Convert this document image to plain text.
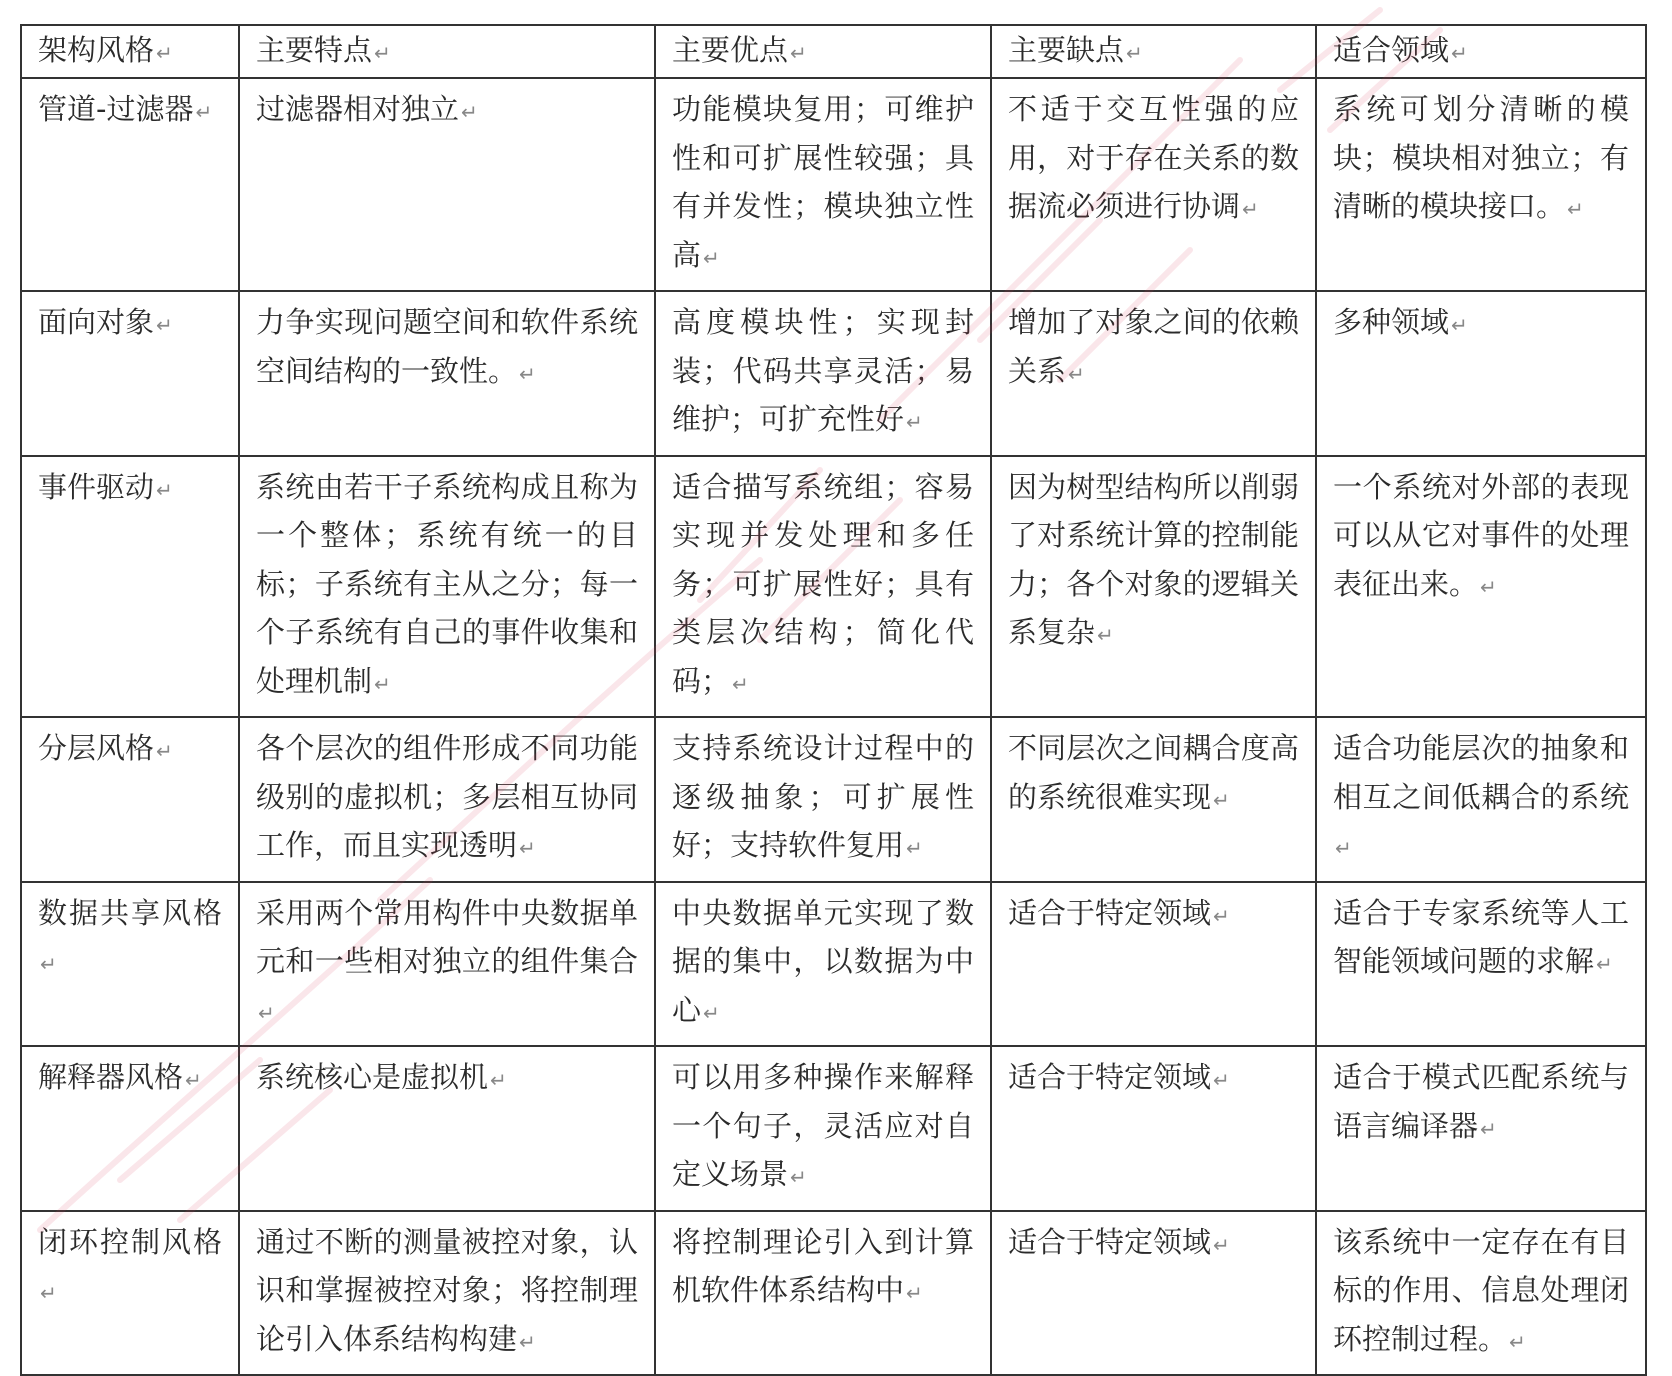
架构风格 ↵	主要特点 ↵	主要优点 ↵	主要缺点 ↵	适合领域 ↵
管道-过滤器 ↵	过滤器相对独立 ↵	功能模块复用；可维护性和可扩展性较强；具有并发性；模块独立性高 ↵	不适于交互性强的应用，对于存在关系的数据流必须进行协调 ↵	系统可划分清晰的模块；模块相对独立；有清晰的模块接口。 ↵
面向对象 ↵	力争实现问题空间和软件系统空间结构的一致性。 ↵	高度模块性；实现封装；代码共享灵活；易维护；可扩充性好 ↵	增加了对象之间的依赖关系 ↵	多种领域 ↵
事件驱动 ↵	系统由若干子系统构成且称为一个整体；系统有统一的目标；子系统有主从之分；每一个子系统有自己的事件收集和处理机制 ↵	适合描写系统组；容易实现并发处理和多任务；可扩展性好；具有类层次结构；简化代码； ↵	因为树型结构所以削弱了对系统计算的控制能力；各个对象的逻辑关系复杂 ↵	一个系统对外部的表现可以从它对事件的处理表征出来。 ↵
分层风格 ↵	各个层次的组件形成不同功能级别的虚拟机；多层相互协同工作，而且实现透明 ↵	支持系统设计过程中的逐级抽象；可扩展性好；支持软件复用 ↵	不同层次之间耦合度高的系统很难实现 ↵	适合功能层次的抽象和相互之间低耦合的系统↵
数据共享风格↵	采用两个常用构件中央数据单元和一些相对独立的组件集合↵	中央数据单元实现了数据的集中，以数据为中心 ↵	适合于特定领域 ↵	适合于专家系统等人工智能领域问题的求解 ↵
解释器风格 ↵	系统核心是虚拟机 ↵	可以用多种操作来解释一个句子，灵活应对自定义场景 ↵	适合于特定领域 ↵	适合于模式匹配系统与语言编译器 ↵
闭环控制风格↵	通过不断的测量被控对象，认识和掌握被控对象；将控制理论引入体系结构构建 ↵	将控制理论引入到计算机软件体系结构中 ↵	适合于特定领域 ↵	该系统中一定存在有目标的作用、信息处理闭环控制过程。 ↵
